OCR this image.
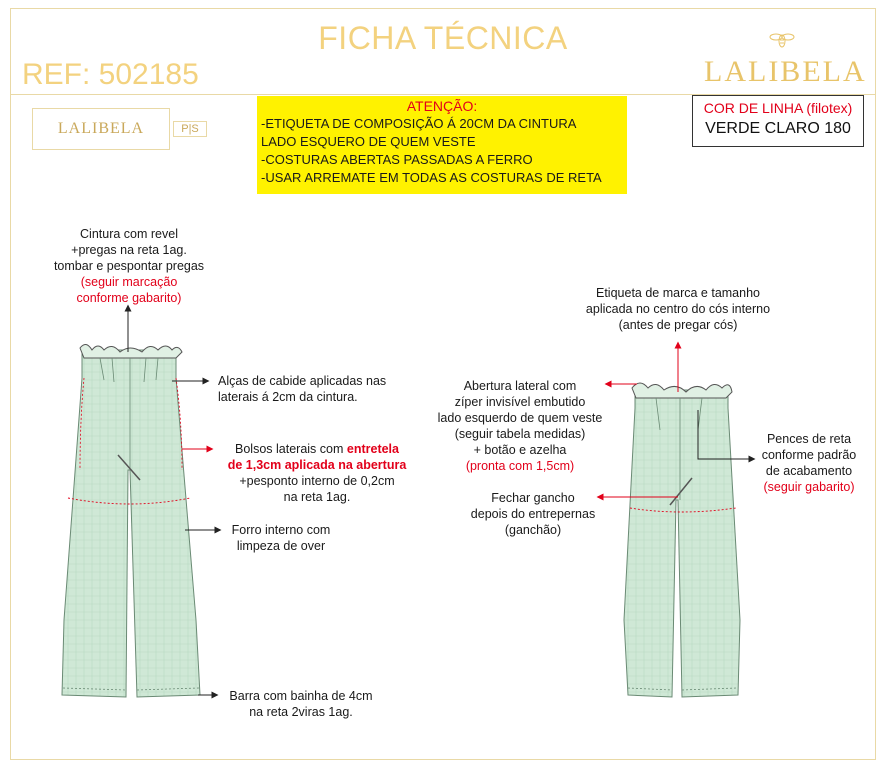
FICHA TÉCNICA
REF: 502185	LALIBELA
LALIBELA	P|S
ATENÇÃO:
-ETIQUETA DE COMPOSIÇÃO Á 20CM DA CINTURA
LADO ESQUERO DE QUEM VESTE
-COSTURAS ABERTAS PASSADAS A FERRO
-USAR ARREMATE EM TODAS AS COSTURAS DE RETA
COR DE LINHA (filotex)
VERDE CLARO 180
Cintura com revel
+pregas na reta 1ag.
tombar e pespontar pregas
(seguir marcação
conforme gabarito)
Alças de cabide aplicadas nas
laterais á 2cm da cintura.
Bolsos laterais com entretela
de 1,3cm aplicada na abertura
+pesponto interno de 0,2cm
na reta 1ag.
Forro interno com
limpeza de over
Barra com bainha de 4cm
na reta 2viras 1ag.
Etiqueta de marca e tamanho
aplicada no centro do cós interno
(antes de pregar cós)
Abertura lateral com
zíper invisível embutido
lado esquerdo de quem veste
(seguir tabela medidas)
+ botão e azelha
(pronta com 1,5cm)
Fechar gancho
depois do entrepernas
(ganchão)
Pences de reta
conforme padrão
de acabamento
(seguir gabarito)
